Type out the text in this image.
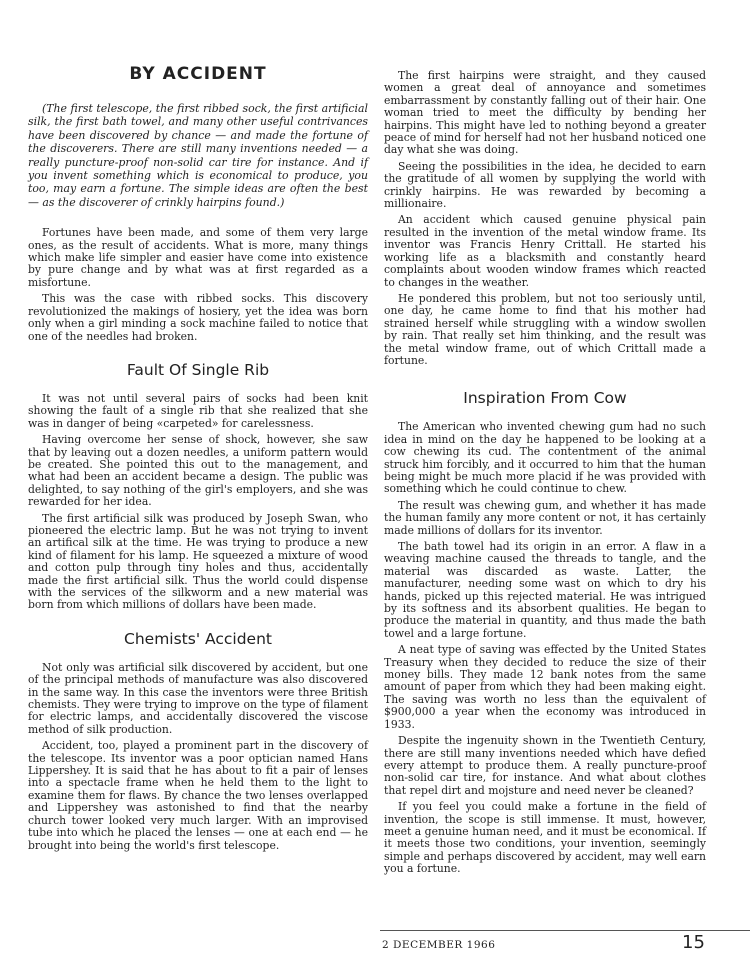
BY ACCIDENT

(The first telescope, the first ribbed sock, the first artificial silk, the first bath towel, and many other useful contrivances have been discovered by chance — and made the fortune of the discoverers. There are still many inventions needed — a really puncture-proof non-solid car tire for instance. And if you invent something which is economical to produce, you too, may earn a fortune. The simple ideas are often the best — as the discoverer of crinkly hairpins found.)

Fortunes have been made, and some of them very large ones, as the result of accidents. What is more, many things which make life simpler and easier have come into existence by pure change and by what was at first regarded as a misfortune.

This was the case with ribbed socks. This discovery revolutionized the makings of hosiery, yet the idea was born only when a girl minding a sock machine failed to notice that one of the needles had broken.

Fault Of Single Rib

It was not until several pairs of socks had been knit showing the fault of a single rib that she realized that she was in danger of being «carpeted» for carelessness.

Having overcome her sense of shock, however, she saw that by leaving out a dozen needles, a uniform pattern would be created. She pointed this out to the management, and what had been an accident became a design. The public was delighted, to say nothing of the girl's employers, and she was rewarded for her idea.

The first artificial silk was produced by Joseph Swan, who pioneered the electric lamp. But he was not trying to invent an artifical silk at the time. He was trying to produce a new kind of filament for his lamp. He squeezed a mixture of wood and cotton pulp through tiny holes and thus, accidentally made the first artificial silk. Thus the world could dispense with the services of the silkworm and a new material was born from which millions of dollars have been made.

Chemists' Accident

Not only was artificial silk discovered by accident, but one of the principal methods of manufacture was also discovered in the same way. In this case the inventors were three British chemists. They were trying to improve on the type of filament for electric lamps, and accidentally discovered the viscose method of silk production.

Accident, too, played a prominent part in the discovery of the telescope. Its inventor was a poor optician named Hans Lippershey. It is said that he has about to fit a pair of lenses into a spectacle frame when he held them to the light to examine them for flaws. By chance the two lenses overlapped and Lippershey was astonished to find that the nearby church tower looked very much larger. With an improvised tube into which he placed the lenses — one at each end — he brought into being the world's first telescope.

The first hairpins were straight, and they caused women a great deal of annoyance and sometimes embarrassment by constantly falling out of their hair. One woman tried to meet the difficulty by bending her hairpins. This might have led to nothing beyond a greater peace of mind for herself had not her husband noticed one day what she was doing.

Seeing the possibilities in the idea, he decided to earn the gratitude of all women by supplying the world with crinkly hairpins. He was rewarded by becoming a millionaire.

An accident which caused genuine physical pain resulted in the invention of the metal window frame. Its inventor was Francis Henry Crittall. He started his working life as a blacksmith and constantly heard complaints about wooden window frames which reacted to changes in the weather.

He pondered this problem, but not too seriously until, one day, he came home to find that his mother had strained herself while struggling with a window swollen by rain. That really set him thinking, and the result was the metal window frame, out of which Crittall made a fortune.

Inspiration From Cow

The American who invented chewing gum had no such idea in mind on the day he happened to be looking at a cow chewing its cud. The contentment of the animal struck him forcibly, and it occurred to him that the human being might be much more placid if he was provided with something which he could continue to chew.

The result was chewing gum, and whether it has made the human family any more content or not, it has certainly made millions of dollars for its inventor.

The bath towel had its origin in an error. A flaw in a weaving machine caused the threads to tangle, and the material was discarded as waste. Latter, the manufacturer, needing some wast on which to dry his hands, picked up this rejected material. He was intrigued by its softness and its absorbent qualities. He began to produce the material in quantity, and thus made the bath towel and a large fortune.

A neat type of saving was effected by the United States Treasury when they decided to reduce the size of their money bills. They made 12 bank notes from the same amount of paper from which they had been making eight. The saving was worth no less than the equivalent of $900,000 a year when the economy was introduced in 1933.

Despite the ingenuity shown in the Twentieth Century, there are still many inventions needed which have defied every attempt to produce them. A really puncture-proof non-solid car tire, for instance. And what about clothes that repel dirt and mojsture and need never be cleaned?

If you feel you could make a fortune in the field of invention, the scope is still immense. It must, however, meet a genuine human need, and it must be economical. If it meets those two conditions, your invention, seemingly simple and perhaps discovered by accident, may well earn you a fortune.

2 DECEMBER 1966	15
